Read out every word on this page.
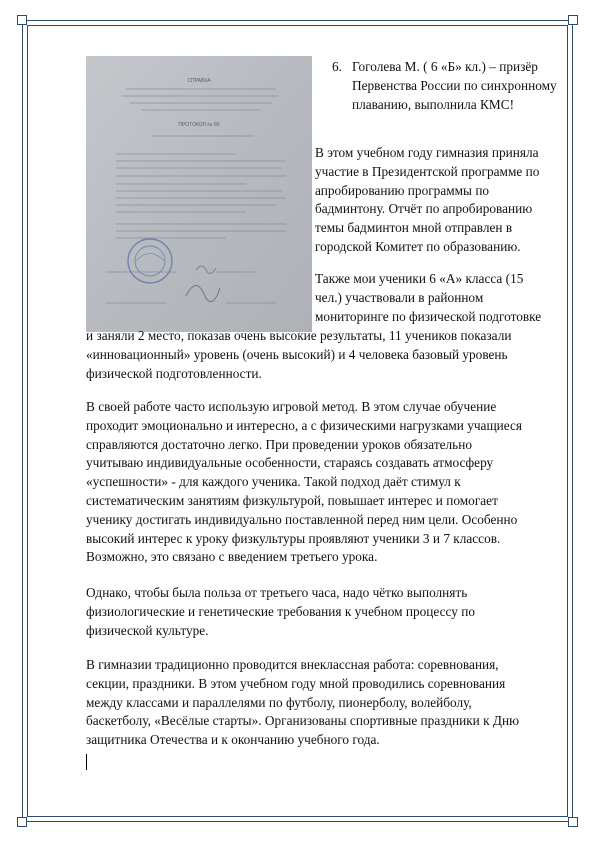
СПРАВКА
ПРОТОКОЛ № 8б
6. Гоголева М. ( 6 «Б» кл.) – призёр Первенства России по синхронному плаванию, выполнила КМС!

В этом учебном году гимназия приняла
участие в Президентской программе по
апробированию программы по
бадминтону. Отчёт по апробированию
темы бадминтон мной отправлен в
городской Комитет по образованию.

Также мои ученики 6 «А» класса (15
чел.) участвовали в районном
мониторинге по физической подготовке

и заняли 2 место, показав очень высокие результаты, 11 учеников показали
«инновационный» уровень (очень высокий) и 4 человека базовый уровень
физической подготовленности.

В своей работе часто использую игровой метод. В этом случае обучение
проходит эмоционально и интересно, а с физическими нагрузками учащиеся
справляются достаточно легко. При проведении уроков обязательно
учитываю индивидуальные особенности, стараясь создавать атмосферу
«успешности» - для каждого ученика. Такой подход даёт стимул к
систематическим занятиям физкультурой, повышает интерес и помогает
ученику достигать индивидуально поставленной перед ним цели. Особенно
высокий интерес к уроку физкультуры проявляют ученики 3 и 7 классов.
Возможно, это связано с введением третьего урока.

Однако, чтобы была польза от третьего часа, надо чётко выполнять
физиологические и генетические требования к учебном процессу по
физической культуре.

В гимназии традиционно проводится внеклассная работа: соревнования,
секции, праздники. В этом учебном году мной проводились соревнования
между классами и параллелями по футболу, пионерболу, волейболу,
баскетболу, «Весёлые старты». Организованы спортивные праздники к Дню
защитника Отечества и к окончанию учебного года.
